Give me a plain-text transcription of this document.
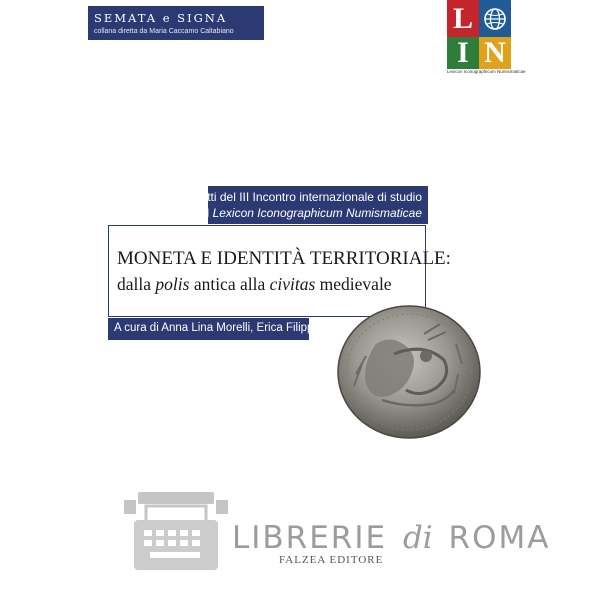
SEMATA e SIGNA
collana diretta da Maria Caccamo Caltabiano	L
I N
Lexicon Iconographicum Numismaticae
Atti del III Incontro internazionale di studio
del Lexicon Iconographicum Numismaticae
MONETA E IDENTITÀ TERRITORIALE:
dalla polis antica alla civitas medievale
A cura di Anna Lina Morelli, Erica Filippini
LIBRERIE di ROMA
FALZEA EDITORE
